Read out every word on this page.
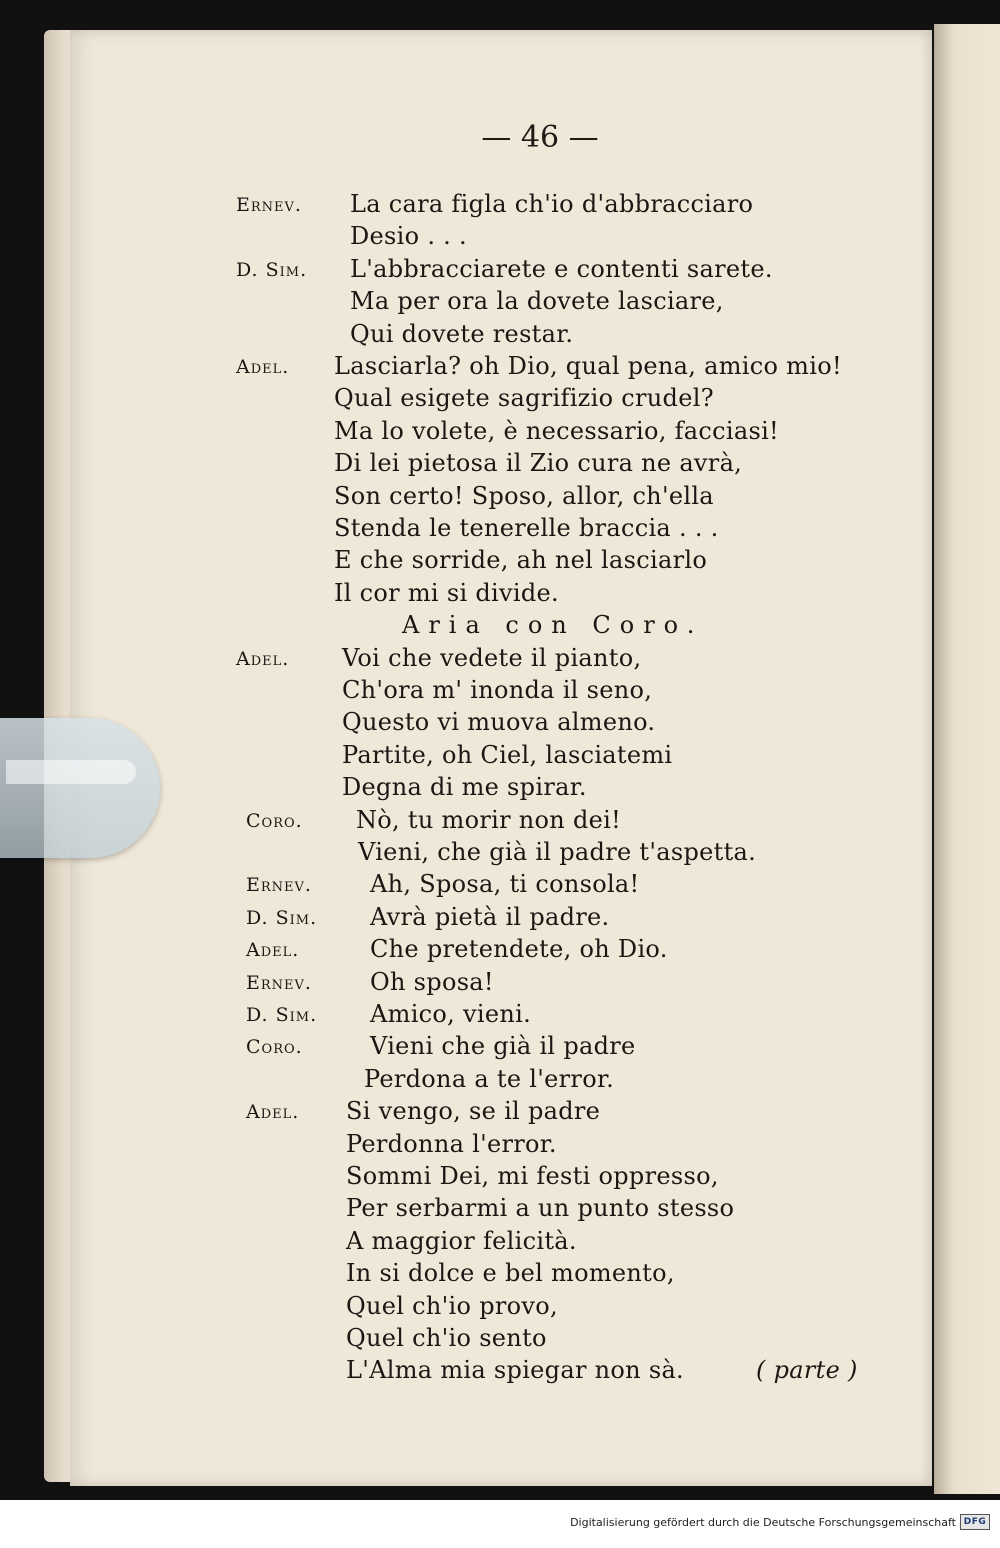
— 46 —
Ernev. La cara figla ch'io d'abbracciaro
Desio . . .
D. Sim. L'abbracciarete e contenti sarete.
Ma per ora la dovete lasciare,
Qui dovete restar.
Adel. Lasciarla? oh Dio, qual pena, amico mio!
Qual esigete sagrifizio crudel?
Ma lo volete, è necessario, facciasi!
Di lei pietosa il Zio cura ne avrà,
Son certo! Sposo, allor, ch'ella
Stenda le tenerelle braccia . . .
E che sorride, ah nel lasciarlo
Il cor mi si divide.
Aria con Coro.
Adel. Voi che vedete il pianto,
Ch'ora m' inonda il seno,
Questo vi muova almeno.
Partite, oh Ciel, lasciatemi
Degna di me spirar.
Coro. Nò, tu morir non dei!
Vieni, che già il padre t'aspetta.
Ernev. Ah, Sposa, ti consola!
D. Sim. Avrà pietà il padre.
Adel.	Che pretendete, oh Dio.
Ernev. Oh sposa!
D. Sim. Amico, vieni.
Coro.	Vieni che già il padre
Perdona a te l'error.
Adel. Si vengo, se il padre
Perdonna l'error.
Sommi Dei, mi festi oppresso,
Per serbarmi a un punto stesso
A maggior felicità.
In si dolce e bel momento,
Quel ch'io provo,
Quel ch'io sento
L'Alma mia spiegar non sà.	( parte )
Digitalisierung gefördert durch die Deutsche Forschungsgemeinschaft DFG
